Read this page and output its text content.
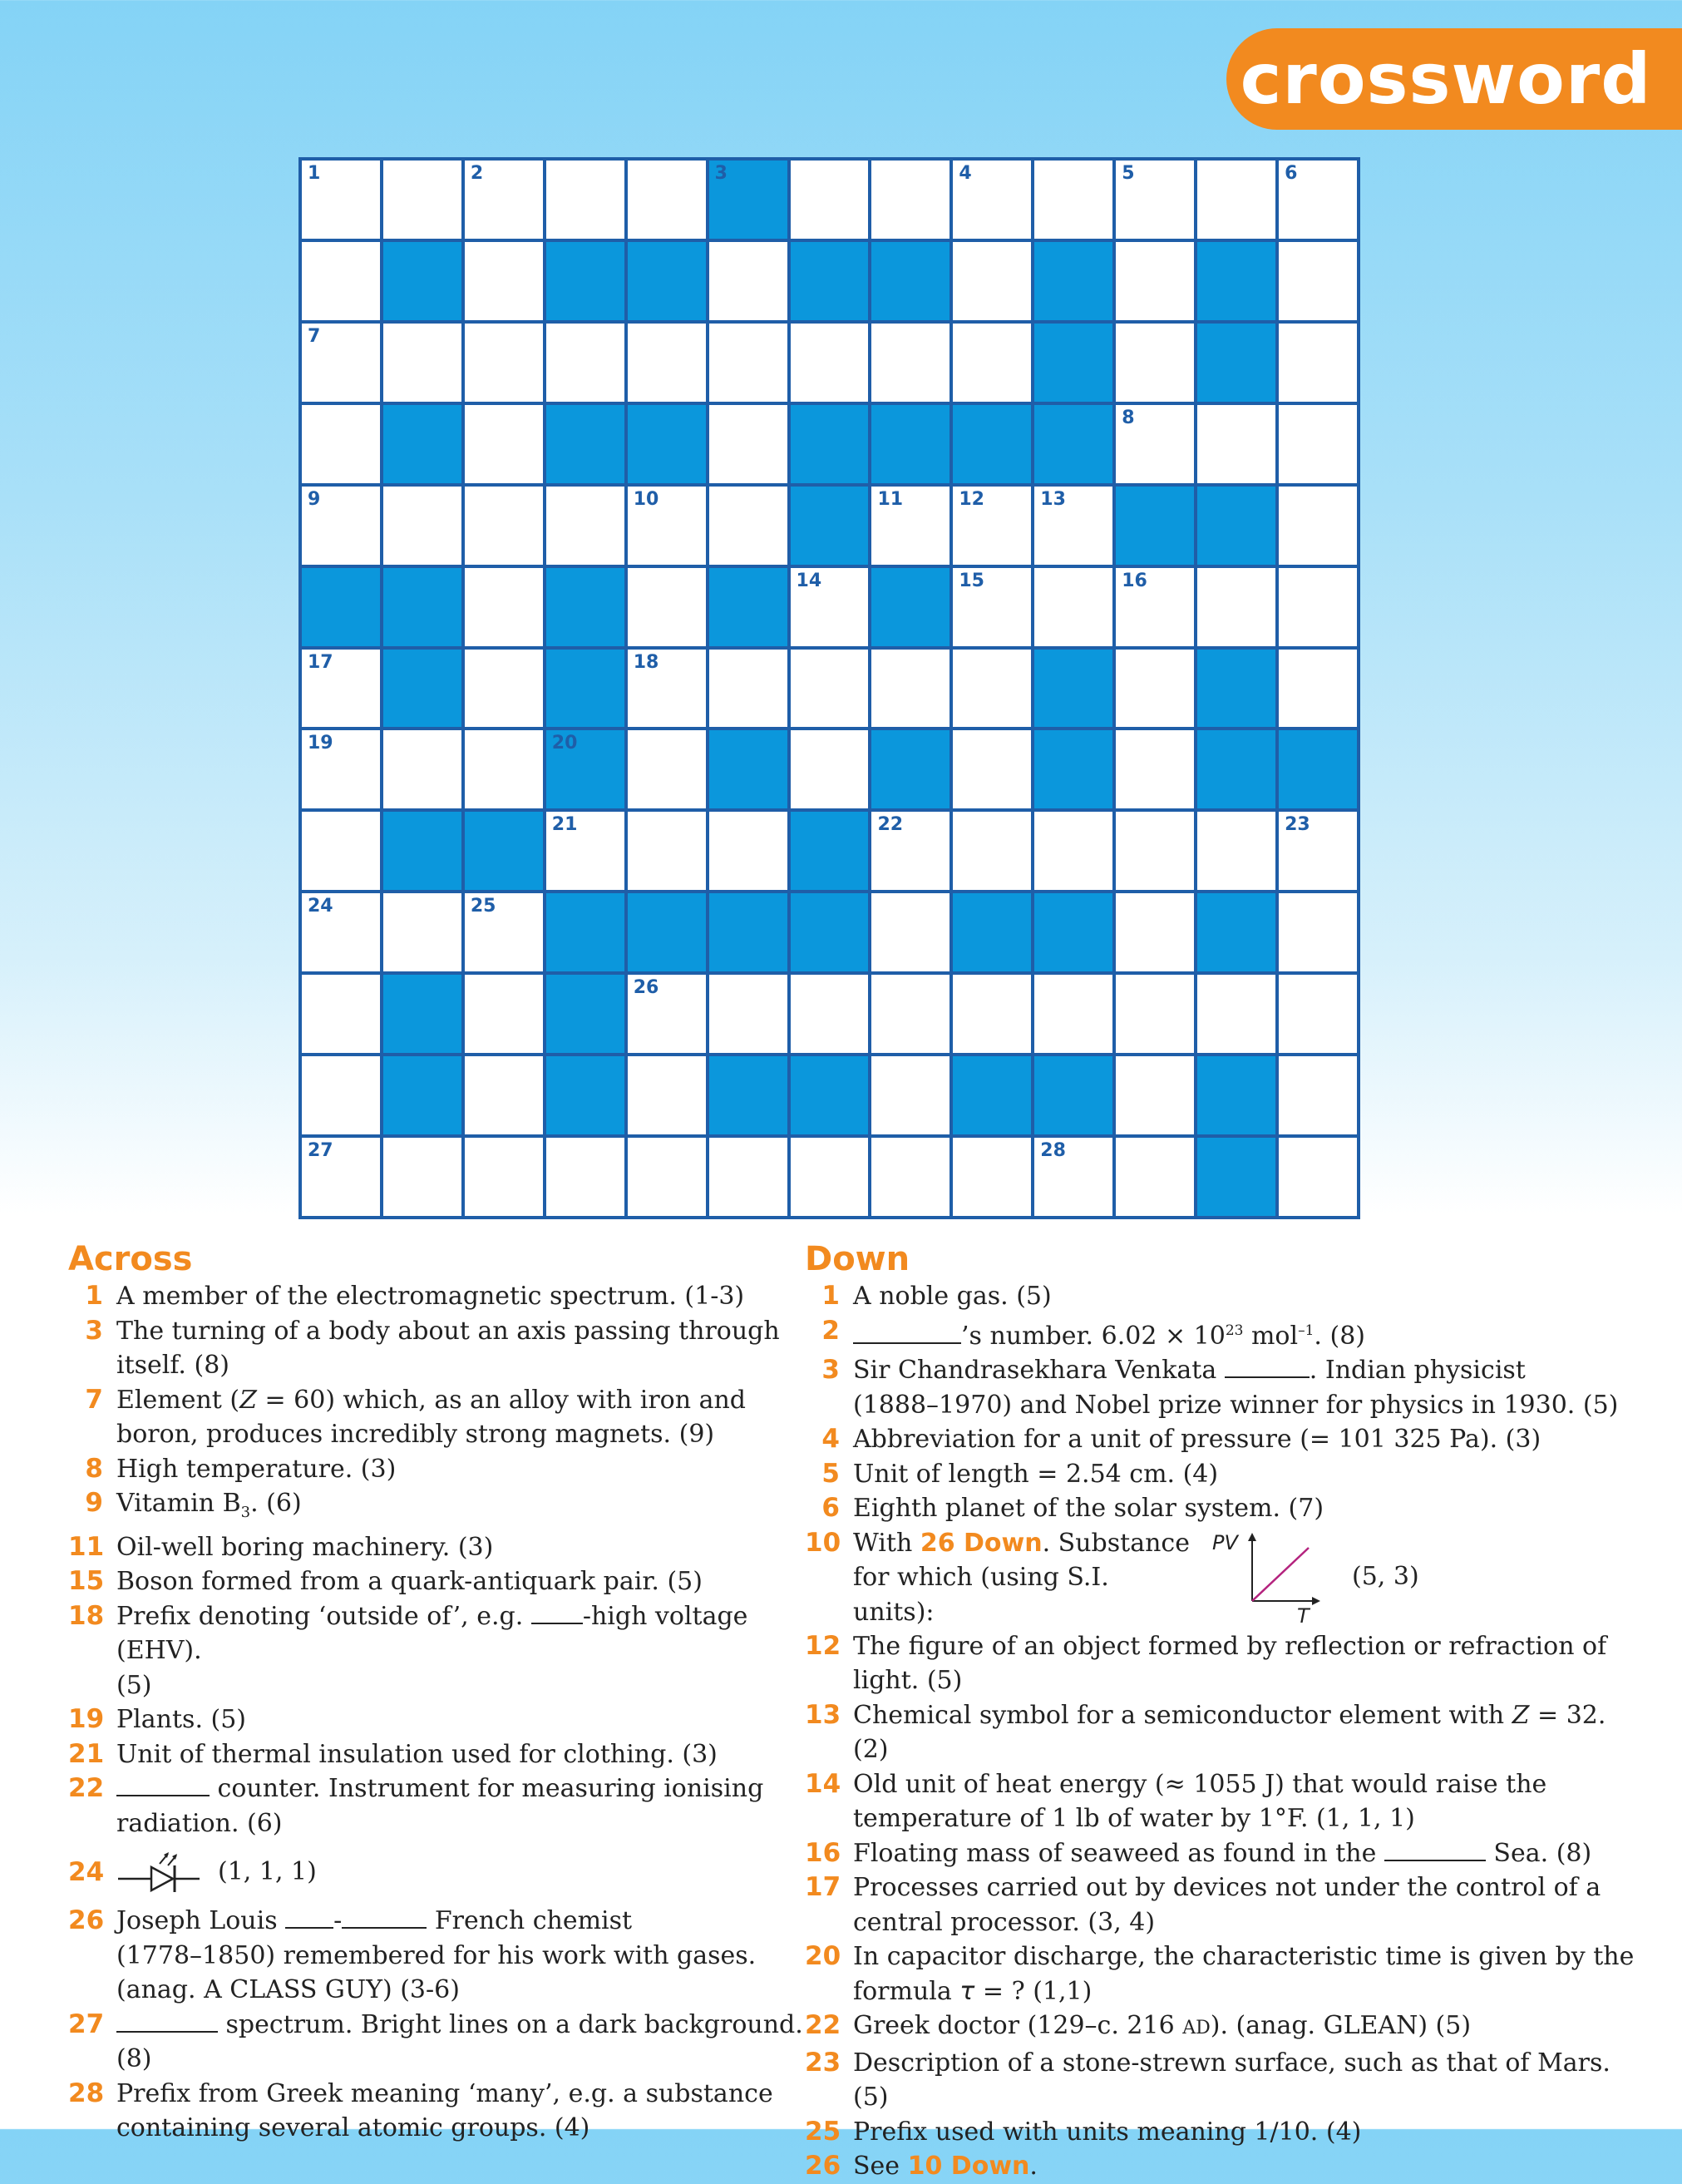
crossword
1	2	3	4	5	6
7
8
9	10	11	12	13
14	15	16
17	18
19	20
21	22	23
24	25
26
27	28
Across
1 A member of the electromagnetic spectrum. (1-3)
3 The turning of a body about an axis passing through
itself. (8)
7 Element (Z = 60) which, as an alloy with iron and
boron, produces incredibly strong magnets. (9)
8 High temperature. (3)
9 Vitamin $B_3$. (6)
11 Oil-well boring machinery. (3)
15 Boson formed from a quark-antiquark pair. (5)
18 Prefix denoting ‘outside of’, e.g. -high voltage (EHV).
(5)
19 Plants. (5)
21 Unit of thermal insulation used for clothing. (3)
22	counter. Instrument for measuring ionising
radiation. (6)
24	(1, 1, 1)
26 Joseph Louis -	French chemist
(1778–1850) remembered for his work with gases.
(anag. A CLASS GUY) (3-6)
27	spectrum. Bright lines on a dark background.
(8)
28 Prefix from Greek meaning ‘many’, e.g. a substance
containing several atomic groups. (4)
Down
1 A noble gas. (5)
2	’s number. $6.02 \times 10^{23}$ mol$^{-1}$. (8)
3 Sir Chandrasekhara Venkata	. Indian physicist
(1888–1970) and Nobel prize winner for physics in 1930. (5)
4 Abbreviation for a unit of pressure (= 101 325 Pa). (3)
5 Unit of length = 2.54 cm. (4)
6 Eighth planet of the solar system. (7)
10 With 26 Down. Substance
for which (using S.I. units):
PV
T
(5, 3)
12 The figure of an object formed by reflection or refraction of
light. (5)
13 Chemical symbol for a semiconductor element with Z = 32. (2)
14 Old unit of heat energy (≈ 1055 J) that would raise the
temperature of 1 lb of water by 1°F. (1, 1, 1)
16 Floating mass of seaweed as found in the	Sea. (8)
17 Processes carried out by devices not under the control of a
central processor. (3, 4)
20 In capacitor discharge, the characteristic time is given by the
formula τ = ? (1,1)
22 Greek doctor (129–c. 216 AD). (anag. GLEAN) (5)
23 Description of a stone-strewn surface, such as that of Mars. (5)
25 Prefix used with units meaning 1/10. (4)
26 See 10 Down.
